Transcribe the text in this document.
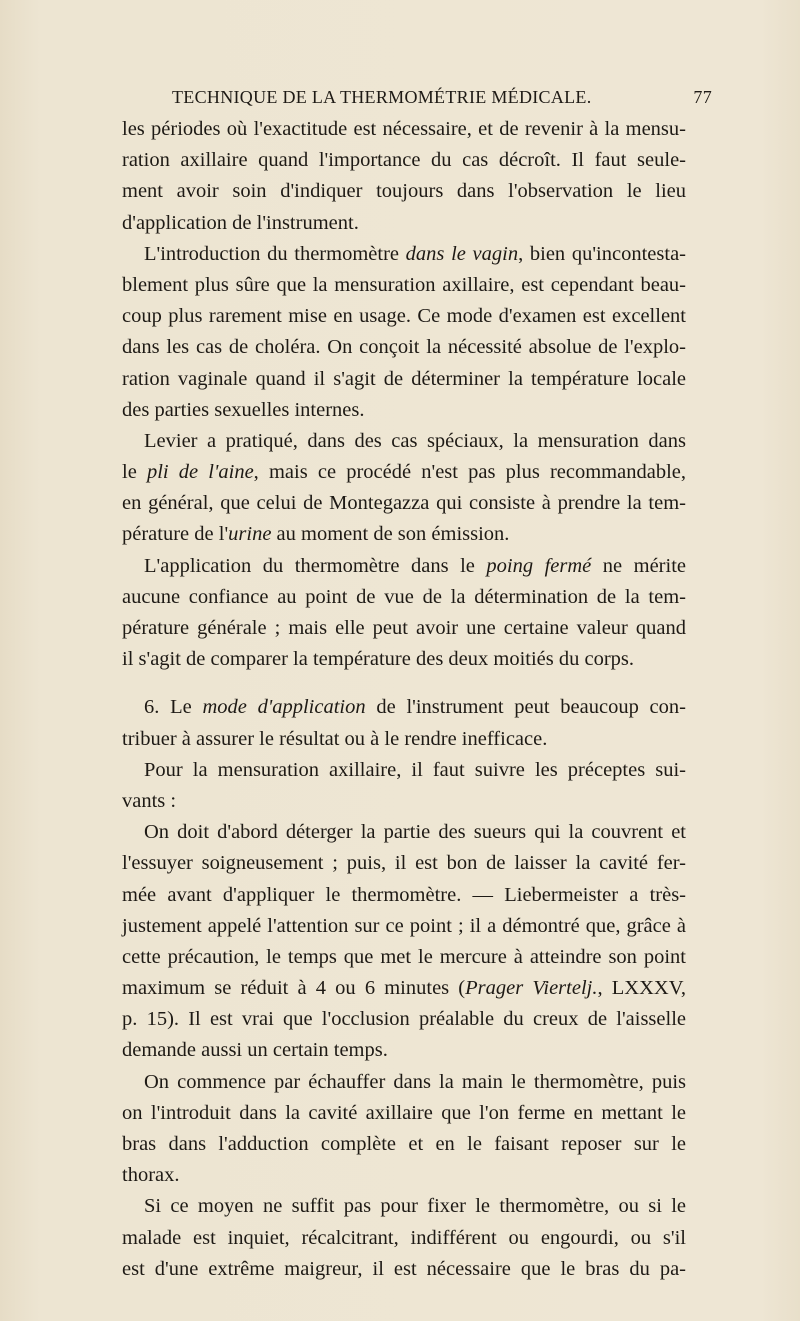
TECHNIQUE DE LA THERMOMÉTRIE MÉDICALE.	77
les périodes où l'exactitude est nécessaire, et de revenir à la mensu-
ration axillaire quand l'importance du cas décroît. Il faut seule-
ment avoir soin d'indiquer toujours dans l'observation le lieu
d'application de l'instrument.
L'introduction du thermomètre dans le vagin, bien qu'incontesta-
blement plus sûre que la mensuration axillaire, est cependant beau-
coup plus rarement mise en usage. Ce mode d'examen est excellent
dans les cas de choléra. On conçoit la nécessité absolue de l'explo-
ration vaginale quand il s'agit de déterminer la température locale
des parties sexuelles internes.
Levier a pratiqué, dans des cas spéciaux, la mensuration dans
le pli de l'aine, mais ce procédé n'est pas plus recommandable,
en général, que celui de Montegazza qui consiste à prendre la tem-
pérature de l'urine au moment de son émission.
L'application du thermomètre dans le poing fermé ne mérite
aucune confiance au point de vue de la détermination de la tem-
pérature générale ; mais elle peut avoir une certaine valeur quand
il s'agit de comparer la température des deux moitiés du corps.
6. Le mode d'application de l'instrument peut beaucoup con-
tribuer à assurer le résultat ou à le rendre inefficace.
Pour la mensuration axillaire, il faut suivre les préceptes sui-
vants :
On doit d'abord déterger la partie des sueurs qui la couvrent et
l'essuyer soigneusement ; puis, il est bon de laisser la cavité fer-
mée avant d'appliquer le thermomètre. — Liebermeister a très-
justement appelé l'attention sur ce point ; il a démontré que, grâce à
cette précaution, le temps que met le mercure à atteindre son point
maximum se réduit à 4 ou 6 minutes (Prager Viertelj., LXXXV,
p. 15). Il est vrai que l'occlusion préalable du creux de l'aisselle
demande aussi un certain temps.
On commence par échauffer dans la main le thermomètre, puis
on l'introduit dans la cavité axillaire que l'on ferme en mettant le
bras dans l'adduction complète et en le faisant reposer sur le
thorax.
Si ce moyen ne suffit pas pour fixer le thermomètre, ou si le
malade est inquiet, récalcitrant, indifférent ou engourdi, ou s'il
est d'une extrême maigreur, il est nécessaire que le bras du pa-
